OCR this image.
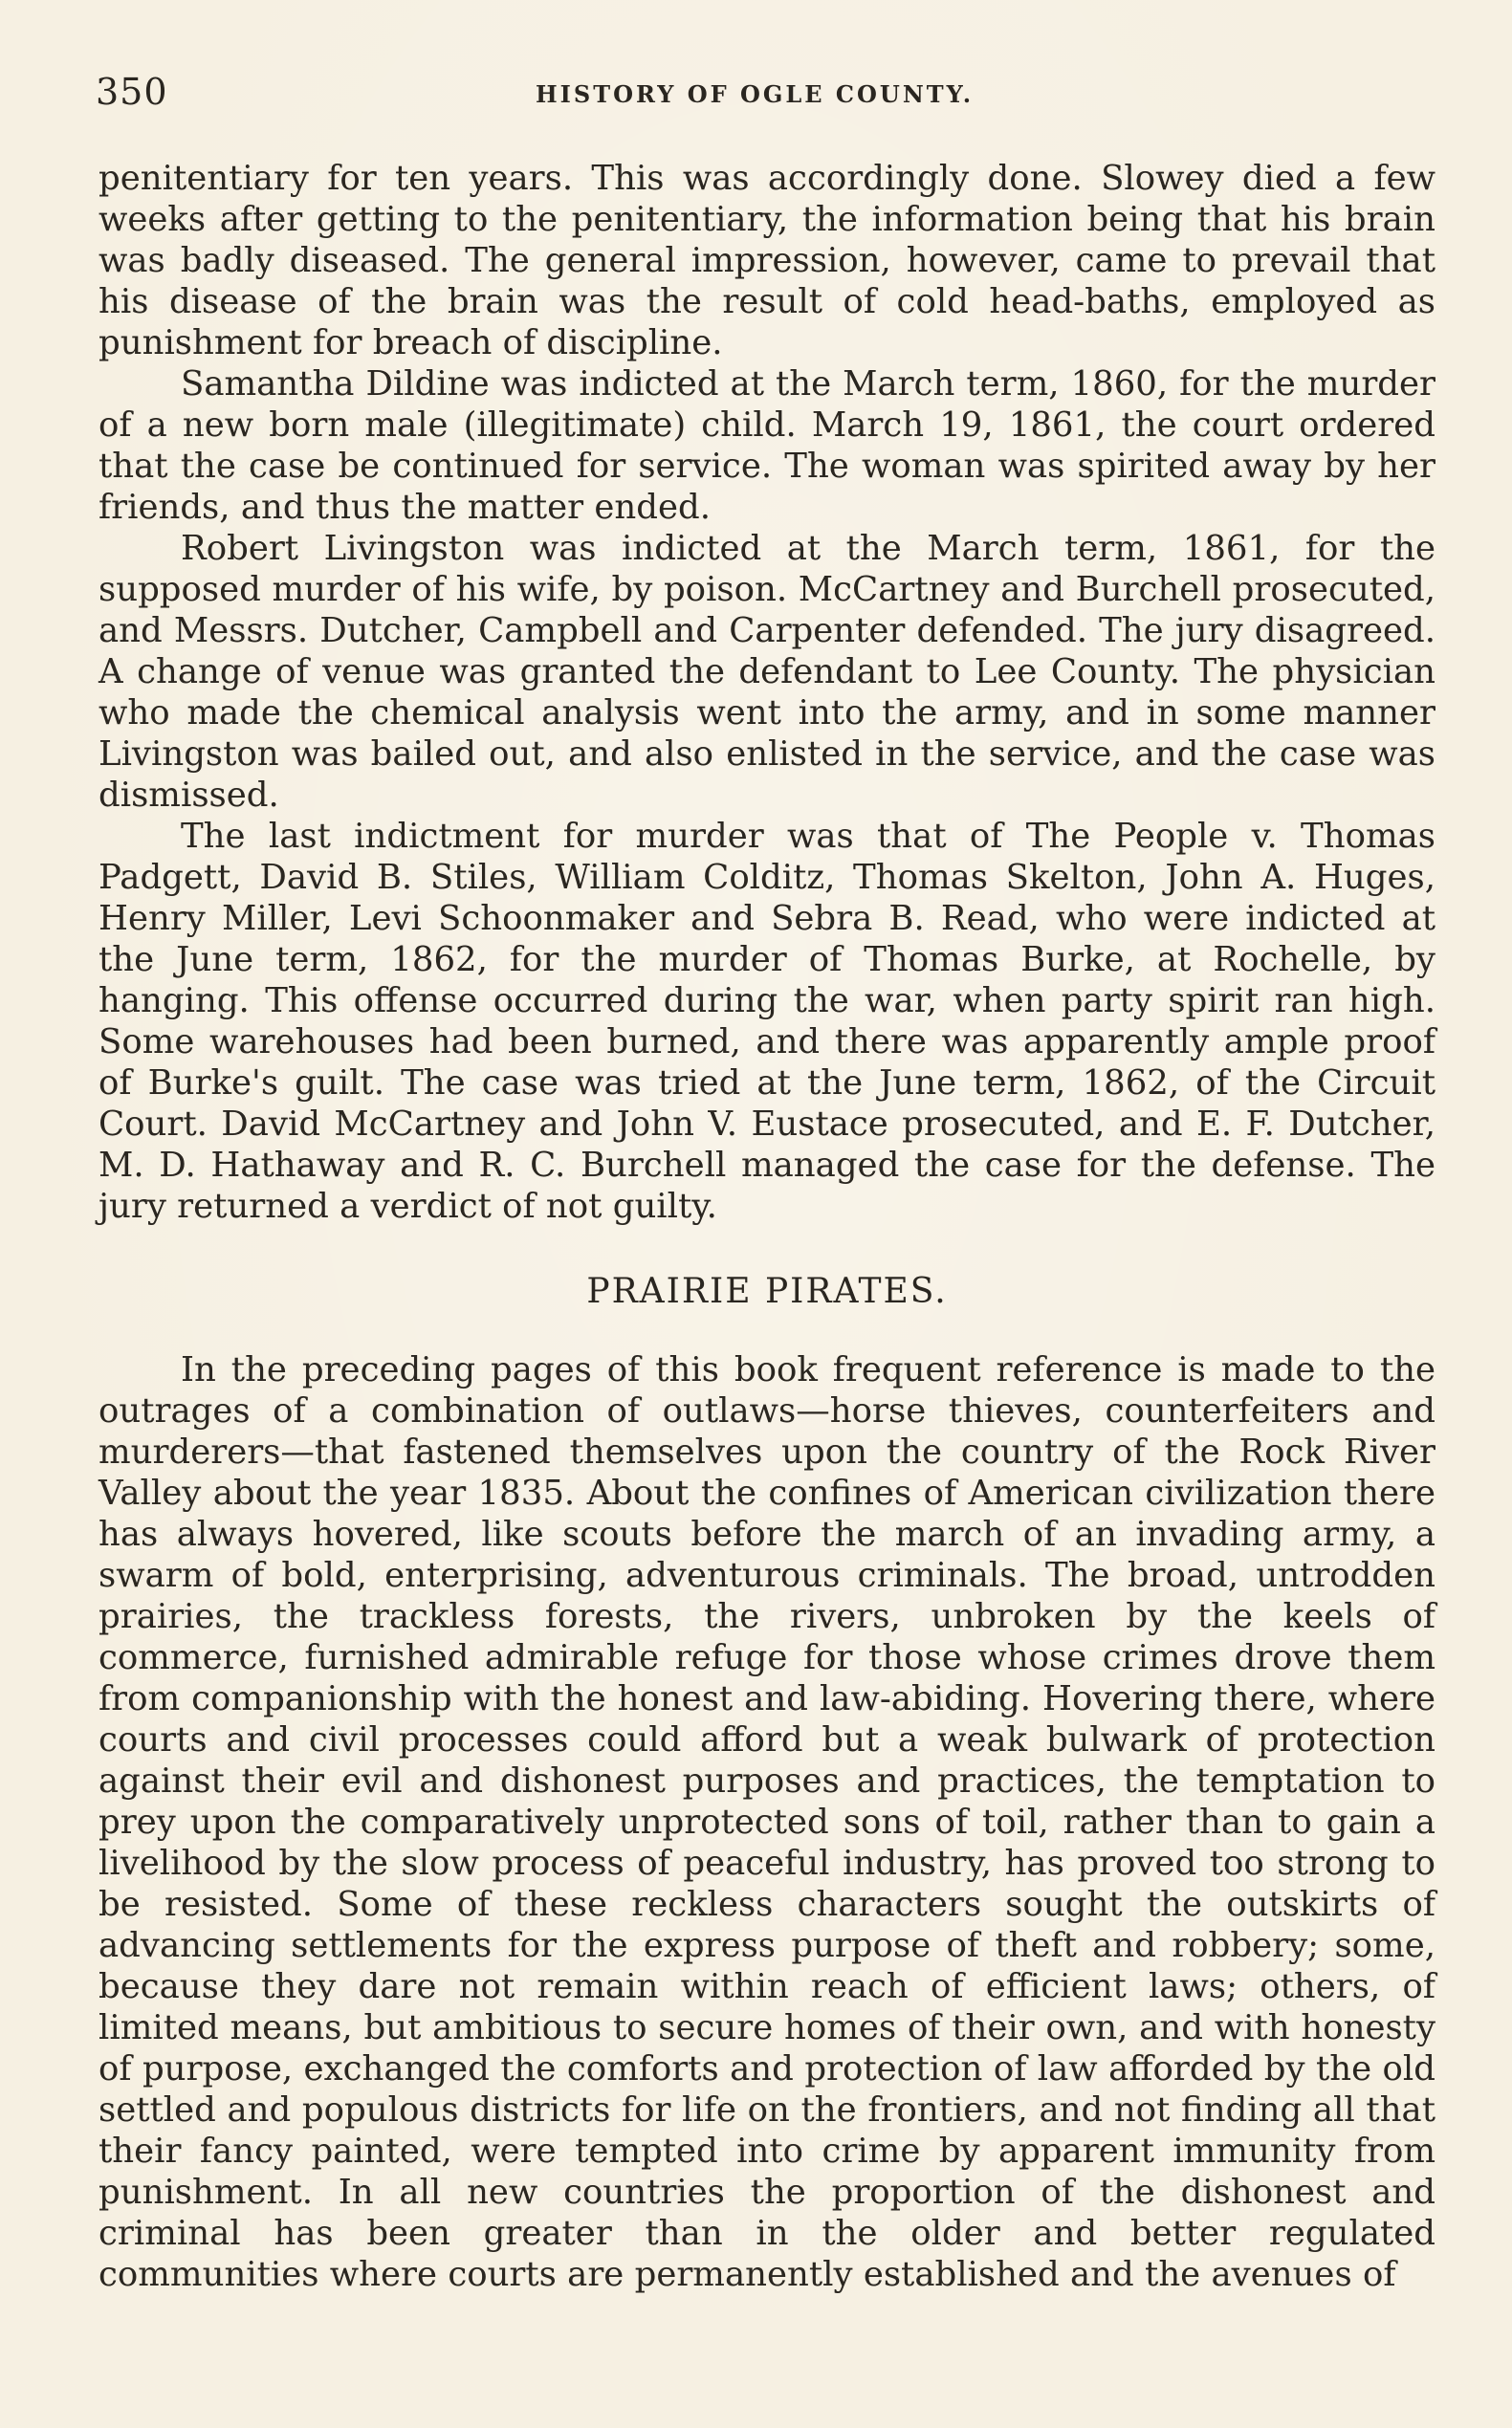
350	HISTORY OF OGLE COUNTY.

penitentiary for ten years. This was accordingly done. Slowey died a few weeks after getting to the penitentiary, the information being that his brain was badly diseased. The general impression, however, came to prevail that his disease of the brain was the result of cold head-baths, employed as punishment for breach of discipline.

Samantha Dildine was indicted at the March term, 1860, for the murder of a new born male (illegitimate) child. March 19, 1861, the court ordered that the case be continued for service. The woman was spirited away by her friends, and thus the matter ended.

Robert Livingston was indicted at the March term, 1861, for the supposed murder of his wife, by poison. McCartney and Burchell prosecuted, and Messrs. Dutcher, Campbell and Carpenter defended. The jury disagreed. A change of venue was granted the defendant to Lee County. The physician who made the chemical analysis went into the army, and in some manner Livingston was bailed out, and also enlisted in the service, and the case was dismissed.

The last indictment for murder was that of The People v. Thomas Padgett, David B. Stiles, William Colditz, Thomas Skelton, John A. Huges, Henry Miller, Levi Schoonmaker and Sebra B. Read, who were indicted at the June term, 1862, for the murder of Thomas Burke, at Rochelle, by hanging. This offense occurred during the war, when party spirit ran high. Some warehouses had been burned, and there was apparently ample proof of Burke's guilt. The case was tried at the June term, 1862, of the Circuit Court. David McCartney and John V. Eustace prosecuted, and E. F. Dutcher, M. D. Hathaway and R. C. Burchell managed the case for the defense. The jury returned a verdict of not guilty.

PRAIRIE PIRATES.

In the preceding pages of this book frequent reference is made to the outrages of a combination of outlaws—horse thieves, counterfeiters and murderers—that fastened themselves upon the country of the Rock River Valley about the year 1835. About the confines of American civilization there has always hovered, like scouts before the march of an invading army, a swarm of bold, enterprising, adventurous criminals. The broad, untrodden prairies, the trackless forests, the rivers, unbroken by the keels of commerce, furnished admirable refuge for those whose crimes drove them from companionship with the honest and law-abiding. Hovering there, where courts and civil processes could afford but a weak bulwark of protection against their evil and dishonest purposes and practices, the temptation to prey upon the comparatively unprotected sons of toil, rather than to gain a livelihood by the slow process of peaceful industry, has proved too strong to be resisted. Some of these reckless characters sought the outskirts of advancing settlements for the express purpose of theft and robbery; some, because they dare not remain within reach of efficient laws; others, of limited means, but ambitious to secure homes of their own, and with honesty of purpose, exchanged the comforts and protection of law afforded by the old settled and populous districts for life on the frontiers, and not finding all that their fancy painted, were tempted into crime by apparent immunity from punishment. In all new countries the proportion of the dishonest and criminal has been greater than in the older and better regulated communities where courts are permanently established and the avenues of
